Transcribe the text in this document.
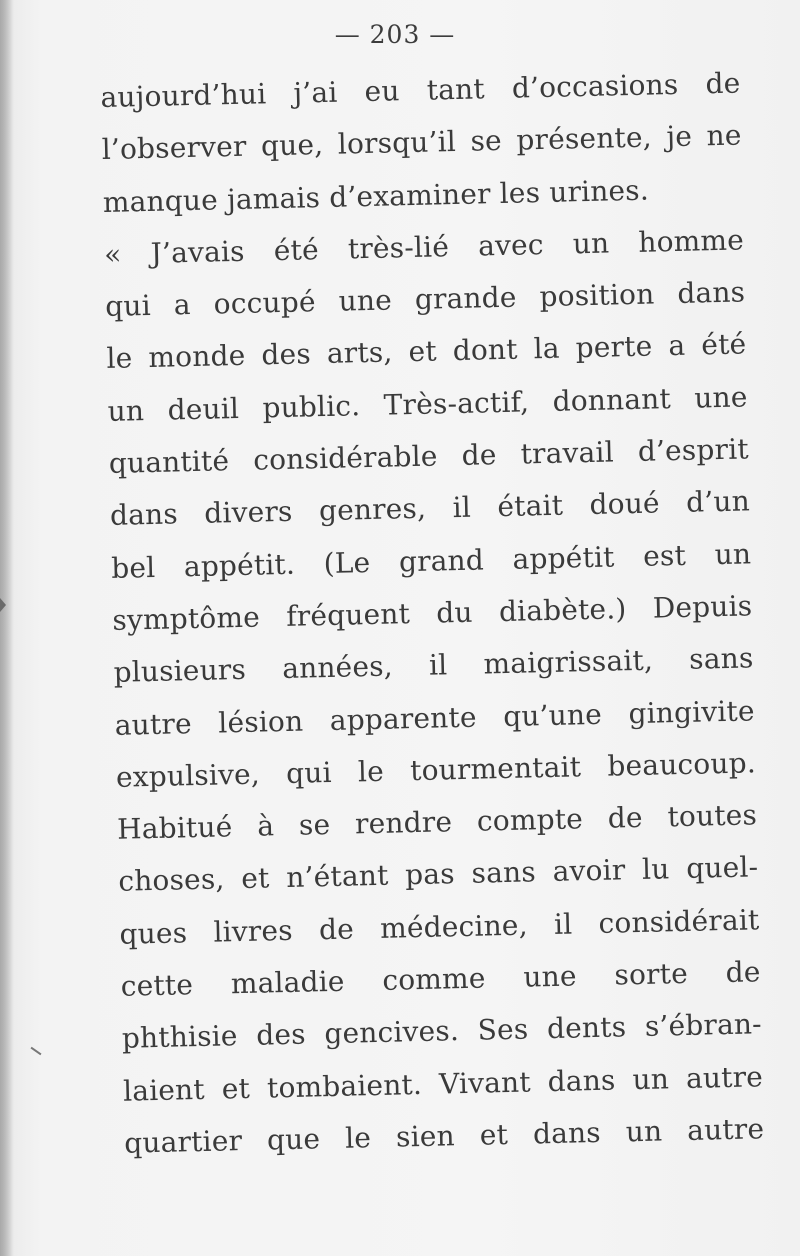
— 203 —
aujourd’hui j’ai eu tant d’occasions de
l’observer que, lorsqu’il se présente, je ne
manque jamais d’examiner les urines.
« J’avais été très-lié avec un homme
qui a occupé une grande position dans
le monde des arts, et dont la perte a été
un deuil public. Très-actif, donnant une
quantité considérable de travail d’esprit
dans divers genres, il était doué d’un
bel appétit. (Le grand appétit est un
symptôme fréquent du diabète.) Depuis
plusieurs années, il maigrissait, sans
autre lésion apparente qu’une gingivite
expulsive, qui le tourmentait beaucoup.
Habitué à se rendre compte de toutes
choses, et n’étant pas sans avoir lu quel-
ques livres de médecine, il considérait
cette maladie comme une sorte de
phthisie des gencives. Ses dents s’ébran-
laient et tombaient. Vivant dans un autre
quartier que le sien et dans un autre
